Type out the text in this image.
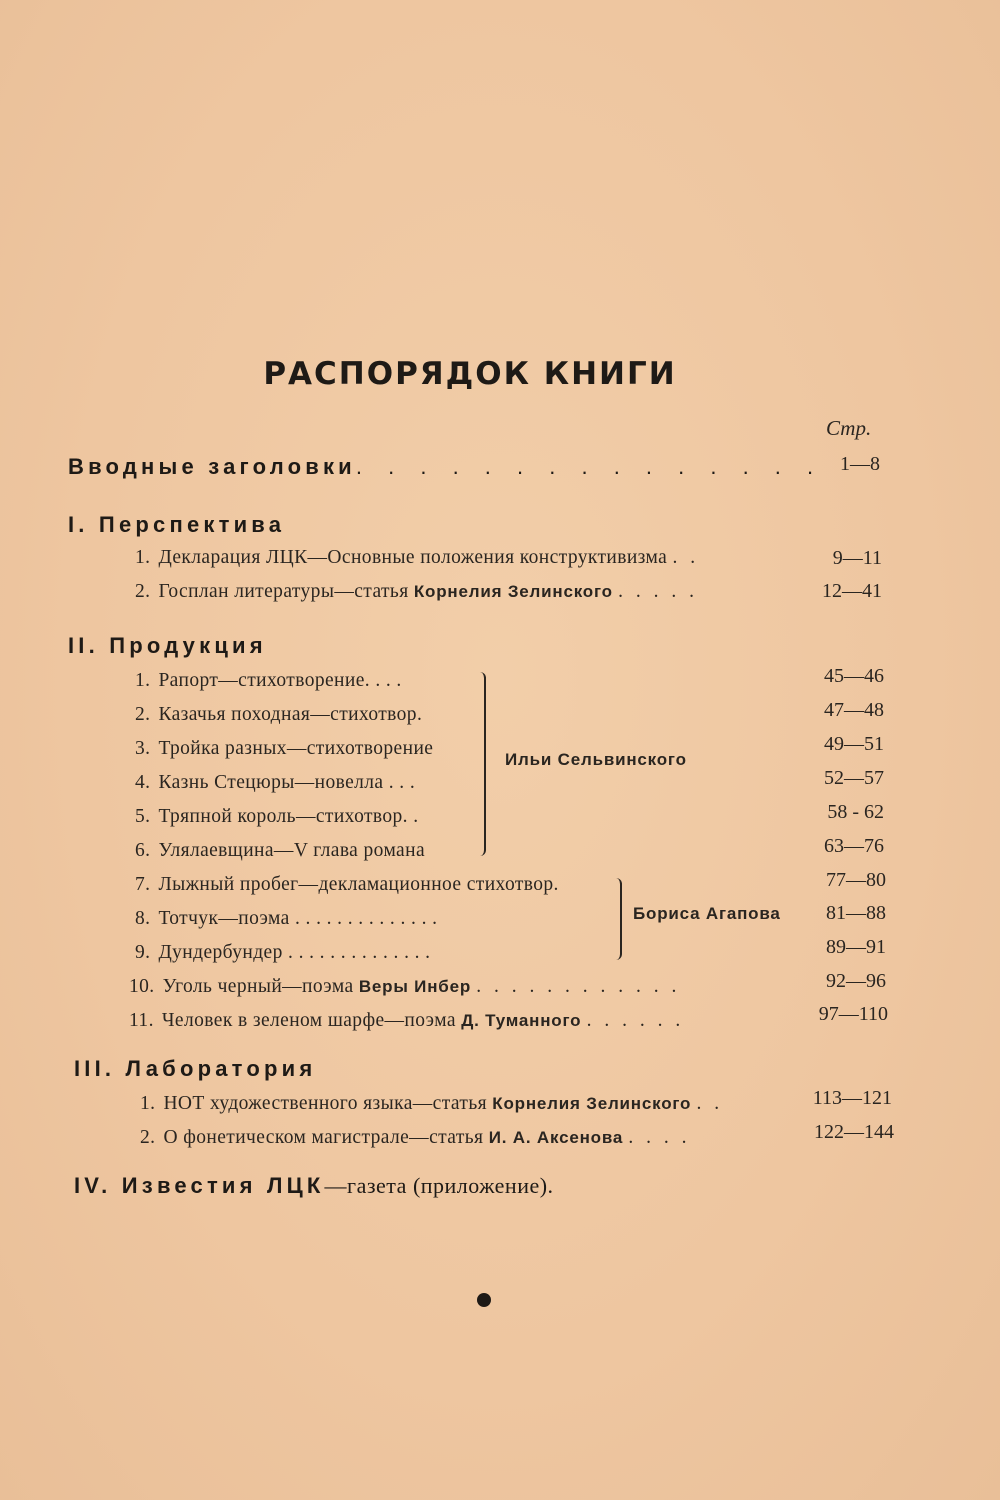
РАСПОРЯДОК КНИГИ
Стр.
Вводные заголовки. . . . . . . . . . . . . . . 1—8
I. Перспектива
1. Декларация ЛЦК—Основные положения конструктивизма . .	9—11
2. Госплан литературы—статья Корнелия Зелинского . . . . .	12—41
II. Продукция
1. Рапорт—стихотворение. . . .	45—46
2. Казачья походная—стихотвор.	47—48
3. Тройка разных—стихотворение	49—51
4. Казнь Стецюры—новелла . . .	52—57
5. Тряпной король—стихотвор. .	58 - 62
6. Улялаевщина—V глава романа	63—76
Ильи Сельвинского
7. Лыжный пробег—декламационное стихотвор.	77—80
8. Тотчук—поэма . . . . . . . . . . . . . .	81—88
9. Дундербундер . . . . . . . . . . . . . .	89—91
Бориса Агапова
10. Уголь черный—поэма Веры Инбер . . . . . . . . . . . .	92—96
11. Человек в зеленом шарфе—поэма Д. Туманного . . . . . .	97—110
III. Лаборатория
1. НОТ художественного языка—статья Корнелия Зелинского . .	113—121
2. О фонетическом магистрале—статья И. А. Аксенова . . . .	122—144
IV. Известия ЛЦК—газета (приложение).
